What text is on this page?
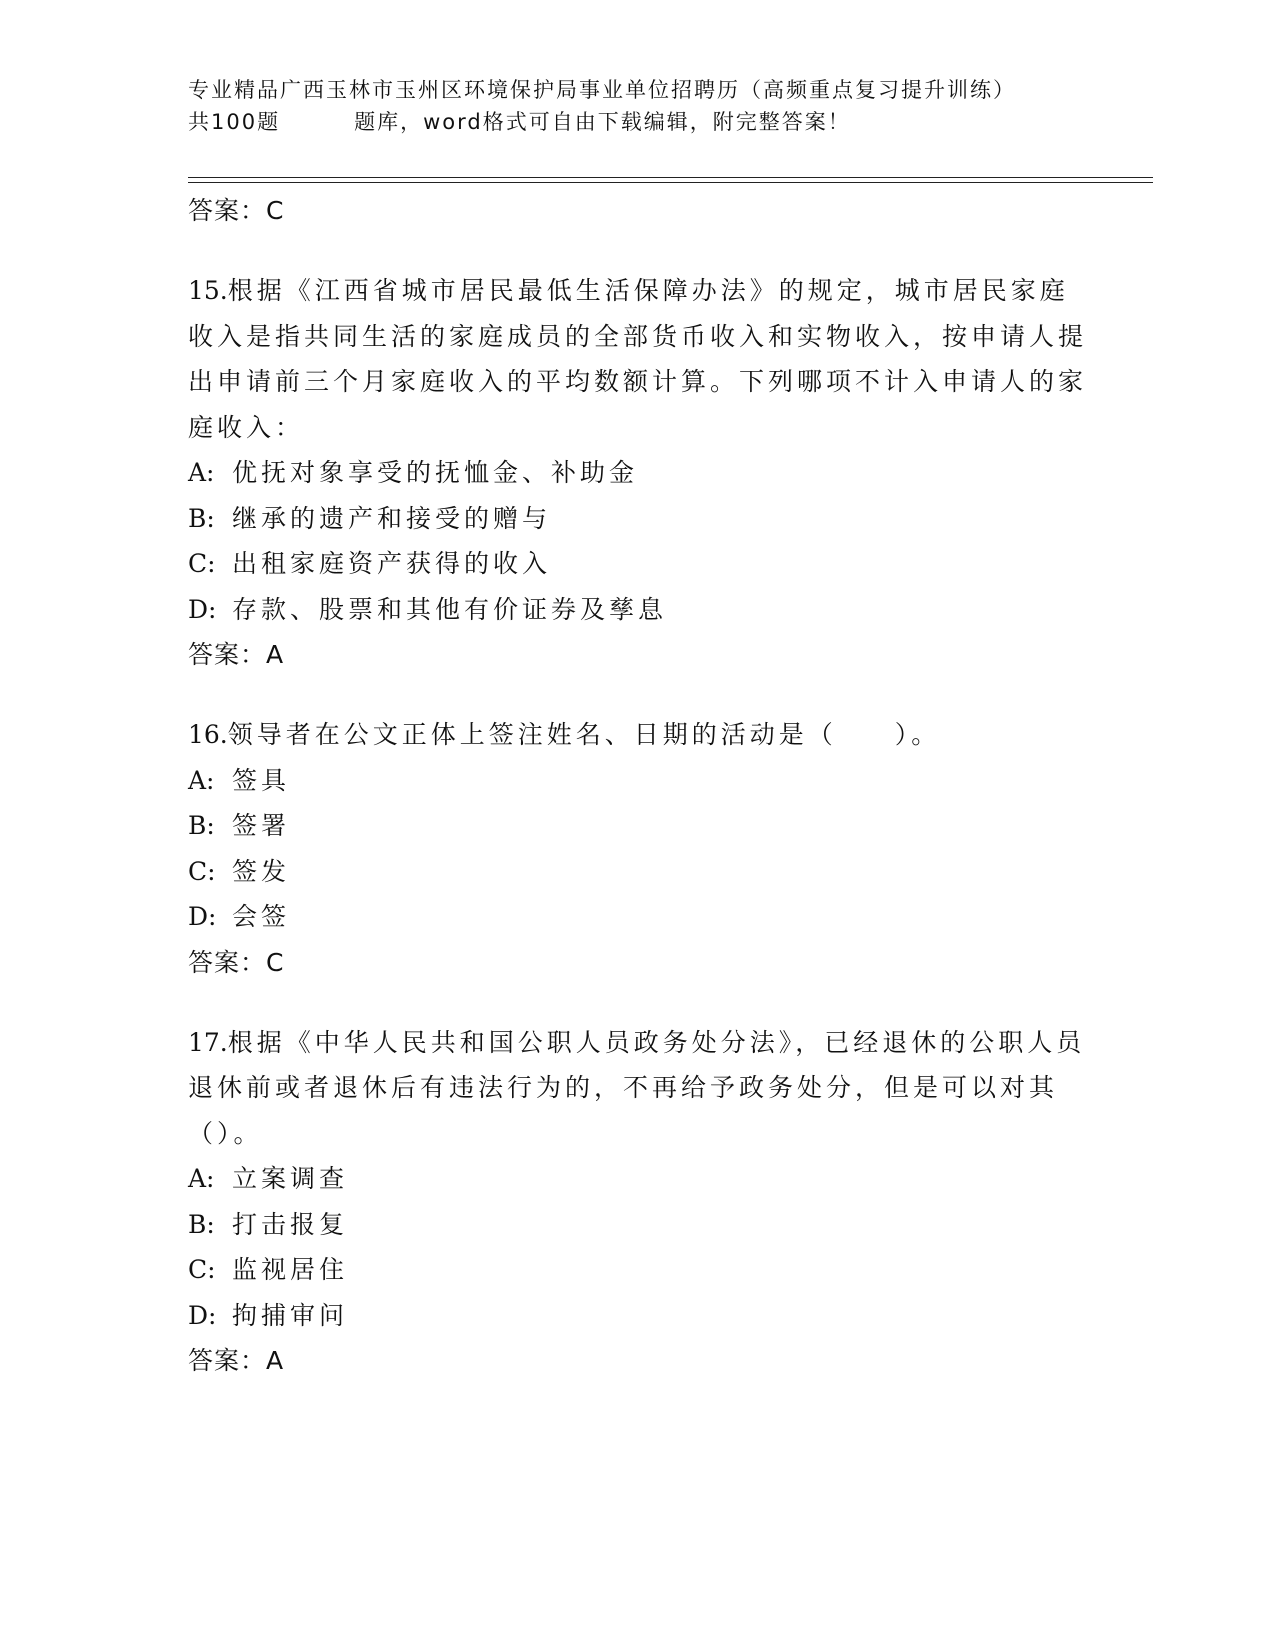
专业精品广西玉林市玉州区环境保护局事业单位招聘历（高频重点复习提升训练）
共100题	题库，word格式可自由下载编辑，附完整答案！
答案：C
15.根据《江西省城市居民最低生活保障办法》的规定，城市居民家庭收入是指共同生活的家庭成员的全部货币收入和实物收入，按申请人提出申请前三个月家庭收入的平均数额计算。下列哪项不计入申请人的家庭收入：
A: 优抚对象享受的抚恤金、补助金
B: 继承的遗产和接受的赠与
C: 出租家庭资产获得的收入
D: 存款、股票和其他有价证券及孳息
答案：A
16.领导者在公文正体上签注姓名、日期的活动是（　　）。
A: 签具
B: 签署
C: 签发
D: 会签
答案：C
17.根据《中华人民共和国公职人员政务处分法》，已经退休的公职人员退休前或者退休后有违法行为的，不再给予政务处分，但是可以对其（）。
A: 立案调查
B: 打击报复
C: 监视居住
D: 拘捕审问
答案：A
